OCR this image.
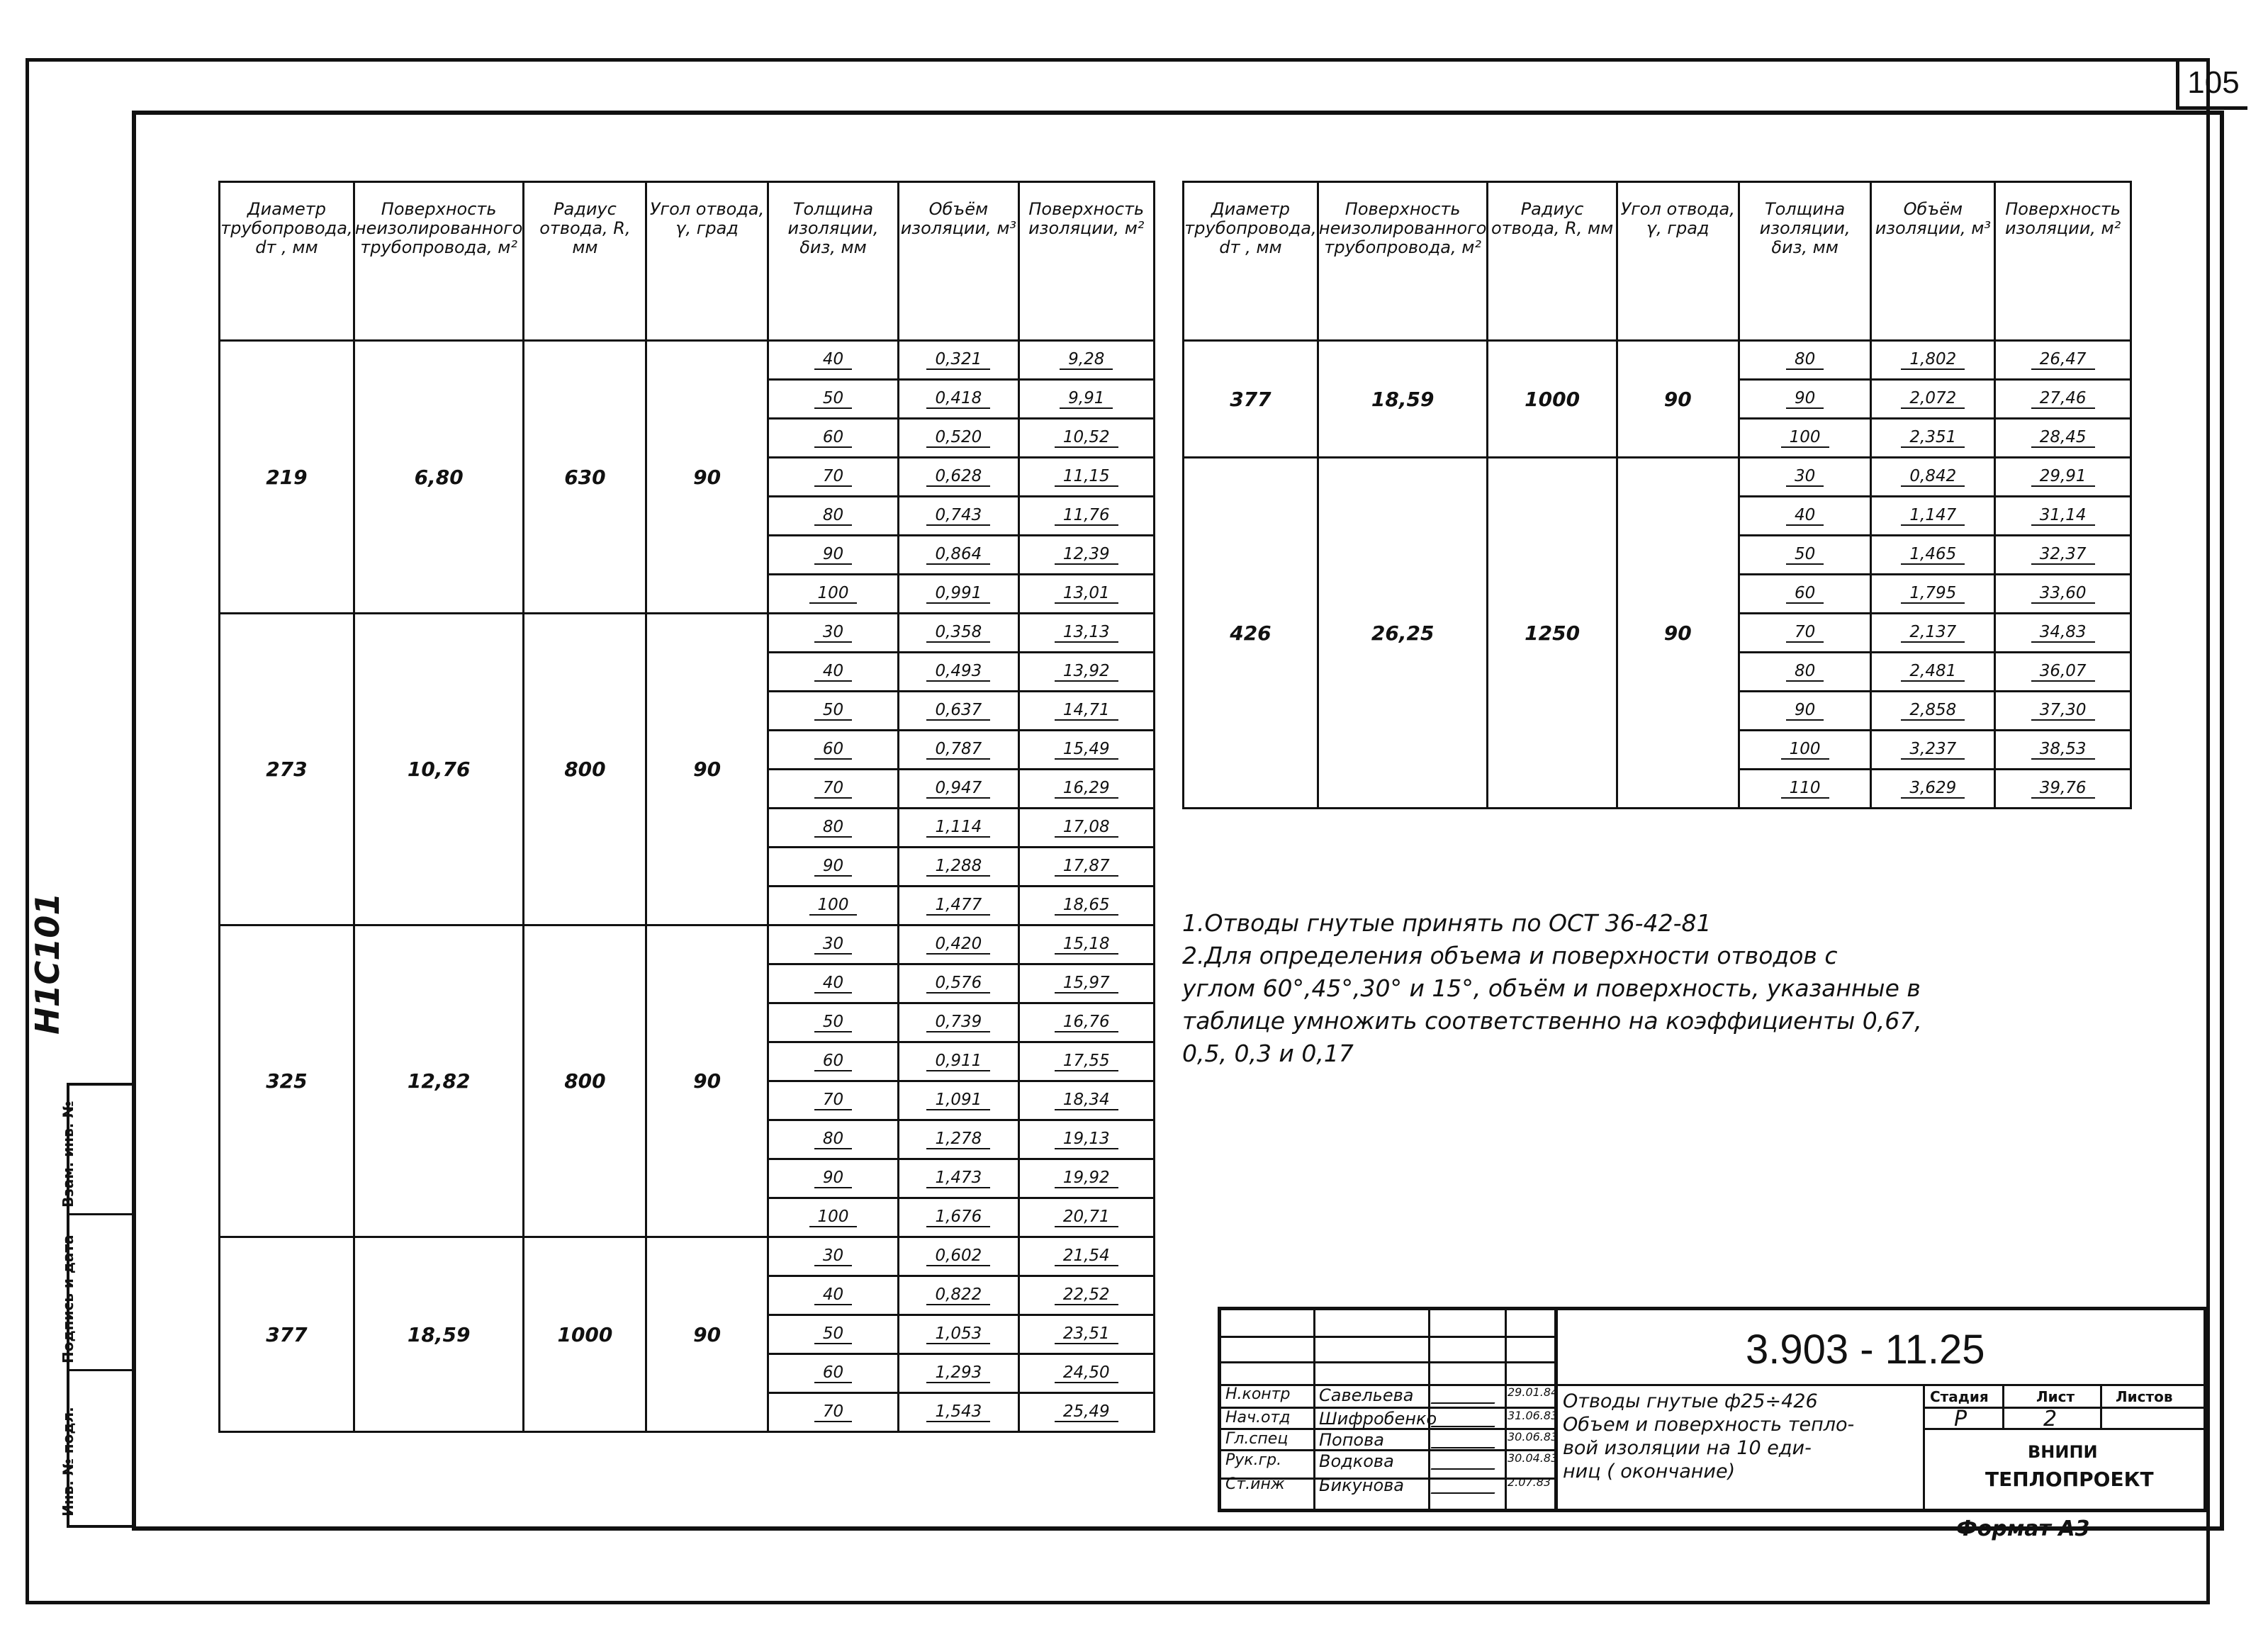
105
Н1С101
Взам. инв. №
Подпись и дата
Инв. № подл.
Диаметр трубопровода, dт , мм	Поверхность неизолированного трубопровода, м²	Радиус отвода, R, мм	Угол отвода, γ, град	Толщина изоляции, δиз, мм	Объём изоляции, м³	Поверхность изоляции, м²
219	6,80	630	90	40	0,321	9,28
				50	0,418	9,91
				60	0,520	10,52
				70	0,628	11,15
				80	0,743	11,76
				90	0,864	12,39
				100	0,991	13,01
273	10,76	800	90	30	0,358	13,13
				40	0,493	13,92
				50	0,637	14,71
				60	0,787	15,49
				70	0,947	16,29
				80	1,114	17,08
				90	1,288	17,87
				100	1,477	18,65
325	12,82	800	90	30	0,420	15,18
				40	0,576	15,97
				50	0,739	16,76
				60	0,911	17,55
				70	1,091	18,34
				80	1,278	19,13
				90	1,473	19,92
				100	1,676	20,71
377	18,59	1000	90	30	0,602	21,54
				40	0,822	22,52
				50	1,053	23,51
				60	1,293	24,50
				70	1,543	25,49
Диаметр трубопровода, dт , мм	Поверхность неизолированного трубопровода, м²	Радиус отвода, R, мм	Угол отвода, γ, град	Толщина изоляции, δиз, мм	Объём изоляции, м³	Поверхность изоляции, м²
377	18,59	1000	90	80	1,802	26,47
				90	2,072	27,46
				100	2,351	28,45
426	26,25	1250	90	30	0,842	29,91
				40	1,147	31,14
				50	1,465	32,37
				60	1,795	33,60
				70	2,137	34,83
				80	2,481	36,07
				90	2,858	37,30
				100	3,237	38,53
				110	3,629	39,76
1.Отводы гнутые принять по ОСТ 36-42-81
2.Для определения объема и поверхности отводов с
углом 60°,45°,30° и 15°, объём и поверхность, указанные в
таблице умножить соответственно на коэффициенты 0,67,
0,5, 0,3 и 0,17
3.903 - 11.25
Отводы гнутые ф25÷426
Объем и поверхность тепло-
вой изоляции на 10 еди-
ниц ( окончание)
Стадия	Лист	Листов
Р	2
ВНИПИ
ТЕПЛОПРОЕКТ
Н.контр Савельева	29.01.84
Нач.отд Шифробенко	31.06.83
Гл.спец Попова	30.06.83
Рук.гр. Водкова	30.04.83
Ст.инж Бикунова	2.07.83
Формат А3
